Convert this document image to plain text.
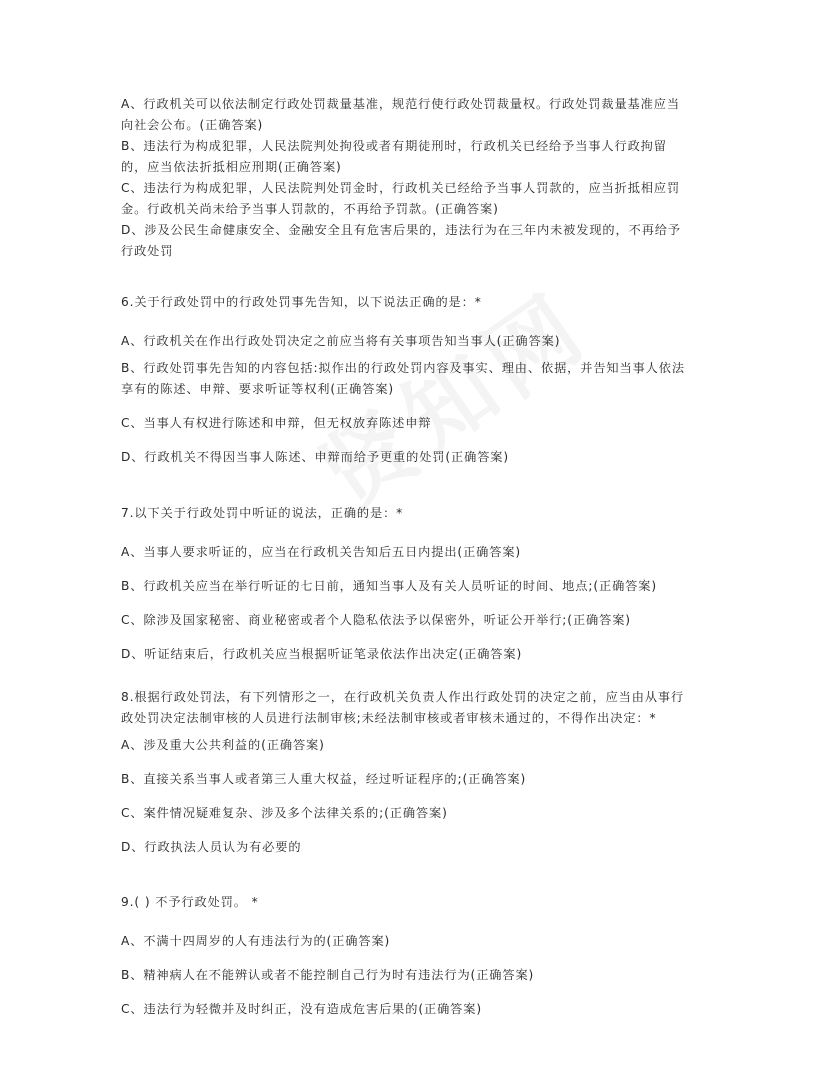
A、行政机关可以依法制定行政处罚裁量基准，规范行使行政处罚裁量权。行政处罚裁量基准应当

向社会公布。(正确答案)

B、违法行为构成犯罪，人民法院判处拘役或者有期徒刑时，行政机关已经给予当事人行政拘留

的，应当依法折抵相应刑期(正确答案)

C、违法行为构成犯罪，人民法院判处罚金时，行政机关已经给予当事人罚款的，应当折抵相应罚

金。行政机关尚未给予当事人罚款的，不再给予罚款。(正确答案)

D、涉及公民生命健康安全、金融安全且有危害后果的，违法行为在三年内未被发现的，不再给予

行政处罚

6.关于行政处罚中的行政处罚事先告知，以下说法正确的是：*

A、行政机关在作出行政处罚决定之前应当将有关事项告知当事人(正确答案)

B、行政处罚事先告知的内容包括:拟作出的行政处罚内容及事实、理由、依据，并告知当事人依法

享有的陈述、申辩、要求听证等权利(正确答案)

C、当事人有权进行陈述和申辩，但无权放弃陈述申辩

D、行政机关不得因当事人陈述、申辩而给予更重的处罚(正确答案)

7.以下关于行政处罚中听证的说法，正确的是：*

A、当事人要求听证的，应当在行政机关告知后五日内提出(正确答案)

B、行政机关应当在举行听证的七日前，通知当事人及有关人员听证的时间、地点;(正确答案)

C、除涉及国家秘密、商业秘密或者个人隐私依法予以保密外，听证公开举行;(正确答案)

D、听证结束后，行政机关应当根据听证笔录依法作出决定(正确答案)

8.根据行政处罚法，有下列情形之一，在行政机关负责人作出行政处罚的决定之前，应当由从事行

政处罚决定法制审核的人员进行法制审核;未经法制审核或者审核未通过的，不得作出决定：*

A、涉及重大公共利益的(正确答案)

B、直接关系当事人或者第三人重大权益，经过听证程序的;(正确答案)

C、案件情况疑难复杂、涉及多个法律关系的;(正确答案)

D、行政执法人员认为有必要的

9.( ) 不予行政处罚。 *

A、不满十四周岁的人有违法行为的(正确答案)

B、精神病人在不能辨认或者不能控制自己行为时有违法行为(正确答案)

C、违法行为轻微并及时纠正，没有造成危害后果的(正确答案)
